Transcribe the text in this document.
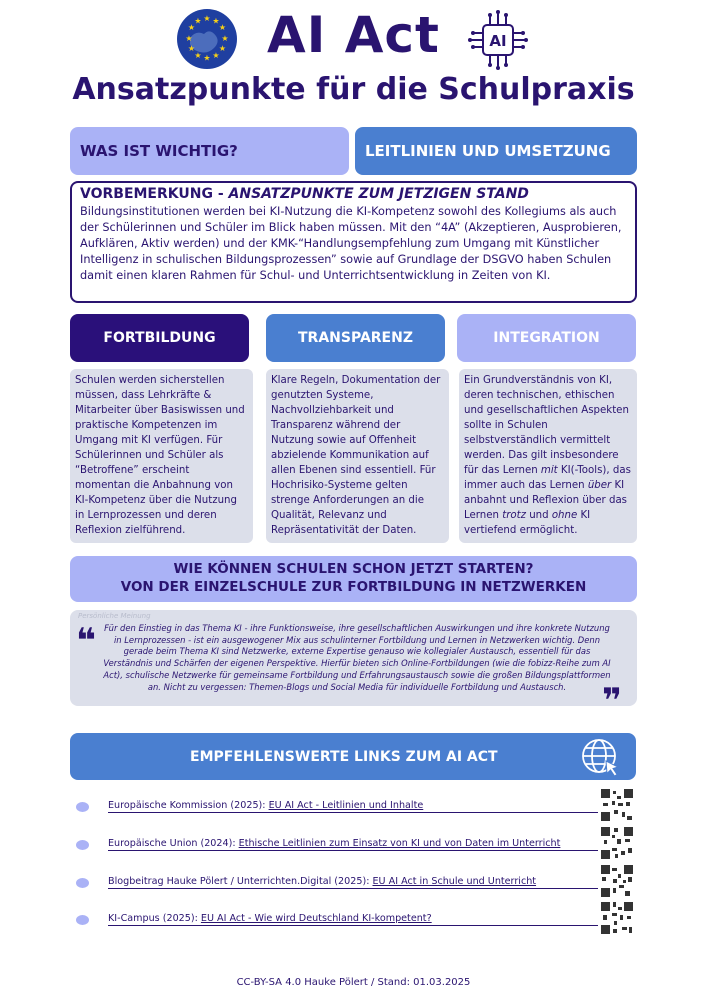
★ ★
★
★
★
★
★
★
★
★
★
★	AI Act	AI
Ansatzpunkte für die Schulpraxis
WAS IST WICHTIG?	LEITLINIEN UND UMSETZUNG
VORBEMERKUNG - ANSATZPUNKTE ZUM JETZIGEN STAND
Bildungsinstitutionen werden bei KI-Nutzung die KI-Kompetenz sowohl des Kollegiums als auch der Schülerinnen und Schüler im Blick haben müssen. Mit den “4A” (Akzeptieren, Ausprobieren, Aufklären, Aktiv werden) und der KMK-“Handlungsempfehlung zum Umgang mit Künstlicher Intelligenz in schulischen Bildungsprozessen” sowie auf Grundlage der DSGVO haben Schulen damit einen klaren Rahmen für Schul- und Unterrichtsentwicklung in Zeiten von KI.
FORTBILDUNG	TRANSPARENZ	INTEGRATION
Schulen werden sicherstellen müssen, dass Lehrkräfte & Mitarbeiter über Basiswissen und praktische Kompetenzen im Umgang mit KI verfügen. Für Schülerinnen und Schüler als “Betroffene” erscheint momentan die Anbahnung von KI-Kompetenz über die Nutzung in Lernprozessen und deren Reflexion zielführend.
Klare Regeln, Dokumentation der genutzten Systeme, Nachvollziehbarkeit und Transparenz während der Nutzung sowie auf Offenheit abzielende Kommunikation auf allen Ebenen sind essentiell. Für Hochrisiko-Systeme gelten strenge Anforderungen an die Qualität, Relevanz und Repräsentativität der Daten.
Ein Grundverständnis von KI, deren technischen, ethischen und gesellschaftlichen Aspekten sollte in Schulen selbstverständlich vermittelt werden. Das gilt insbesondere für das Lernen mit KI(-Tools), das immer auch das Lernen über KI anbahnt und Reflexion über das Lernen trotz und ohne KI vertiefend ermöglicht.
WIE KÖNNEN SCHULEN SCHON JETZT STARTEN?
VON DER EINZELSCHULE ZUR FORTBILDUNG IN NETZWERKEN
Persönliche Meinung
❝ Für den Einstieg in das Thema KI - ihre Funktionsweise, ihre gesellschaftlichen Auswirkungen und ihre konkrete Nutzung in Lernprozessen - ist ein ausgewogener Mix aus schulinterner Fortbildung und Lernen in Netzwerken wichtig. Denn gerade beim Thema KI sind Netzwerke, externe Expertise genauso wie kollegialer Austausch, essentiell für das Verständnis und Schärfen der eigenen Perspektive. Hierfür bieten sich Online-Fortbildungen (wie die fobizz-Reihe zum AI Act), schulische Netzwerke für gemeinsame Fortbildung und Erfahrungsaustausch sowie die großen Bildungsplattformen an. Nicht zu vergessen: Themen-Blogs und Social Media für individuelle Fortbildung und Austausch.	❞
EMPFEHLENSWERTE LINKS ZUM AI ACT
Europäische Kommission (2025): EU AI Act - Leitlinien und Inhalte
Europäische Union (2024): Ethische Leitlinien zum Einsatz von KI und von Daten im Unterricht
Blogbeitrag Hauke Pölert / Unterrichten.Digital (2025): EU AI Act in Schule und Unterricht
KI-Campus (2025): EU AI Act - Wie wird Deutschland KI-kompetent?
CC-BY-SA 4.0 Hauke Pölert / Stand: 01.03.2025
